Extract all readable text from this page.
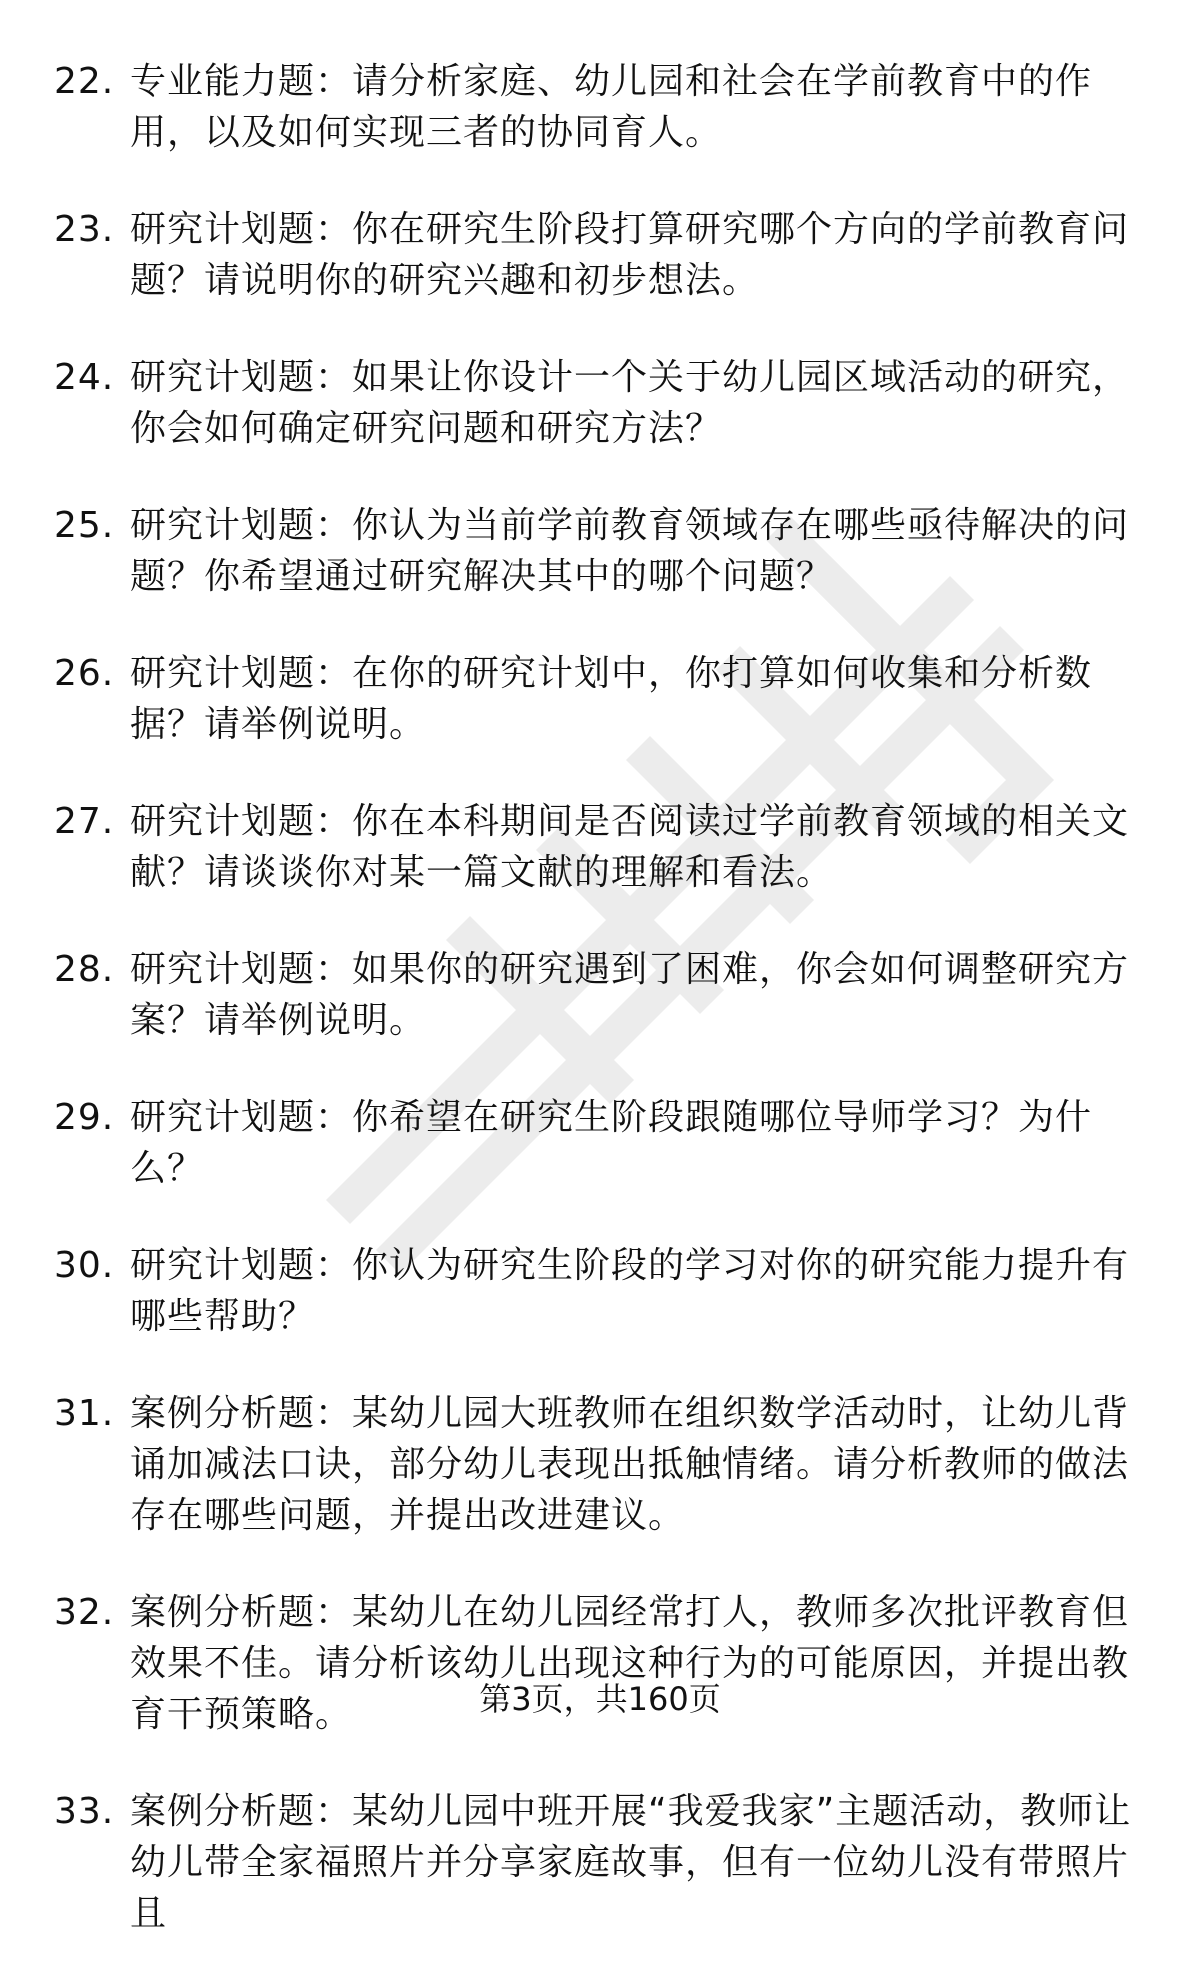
22. 专业能力题：请分析家庭、幼儿园和社会在学前教育中的作用，以及如何实现三者的协同育人。
23. 研究计划题：你在研究生阶段打算研究哪个方向的学前教育问题？请说明你的研究兴趣和初步想法。
24. 研究计划题：如果让你设计一个关于幼儿园区域活动的研究，你会如何确定研究问题和研究方法？
25. 研究计划题：你认为当前学前教育领域存在哪些亟待解决的问题？你希望通过研究解决其中的哪个问题？
26. 研究计划题：在你的研究计划中，你打算如何收集和分析数据？请举例说明。
27. 研究计划题：你在本科期间是否阅读过学前教育领域的相关文献？请谈谈你对某一篇文献的理解和看法。
28. 研究计划题：如果你的研究遇到了困难，你会如何调整研究方案？请举例说明。
29. 研究计划题：你希望在研究生阶段跟随哪位导师学习？为什么？
30. 研究计划题：你认为研究生阶段的学习对你的研究能力提升有哪些帮助？
31. 案例分析题：某幼儿园大班教师在组织数学活动时，让幼儿背诵加减法口诀，部分幼儿表现出抵触情绪。请分析教师的做法存在哪些问题，并提出改进建议。
32. 案例分析题：某幼儿在幼儿园经常打人，教师多次批评教育但效果不佳。请分析该幼儿出现这种行为的可能原因，并提出教育干预策略。
33. 案例分析题：某幼儿园中班开展“我爱我家”主题活动，教师让幼儿带全家福照片并分享家庭故事，但有一位幼儿没有带照片且
第3页，共160页
